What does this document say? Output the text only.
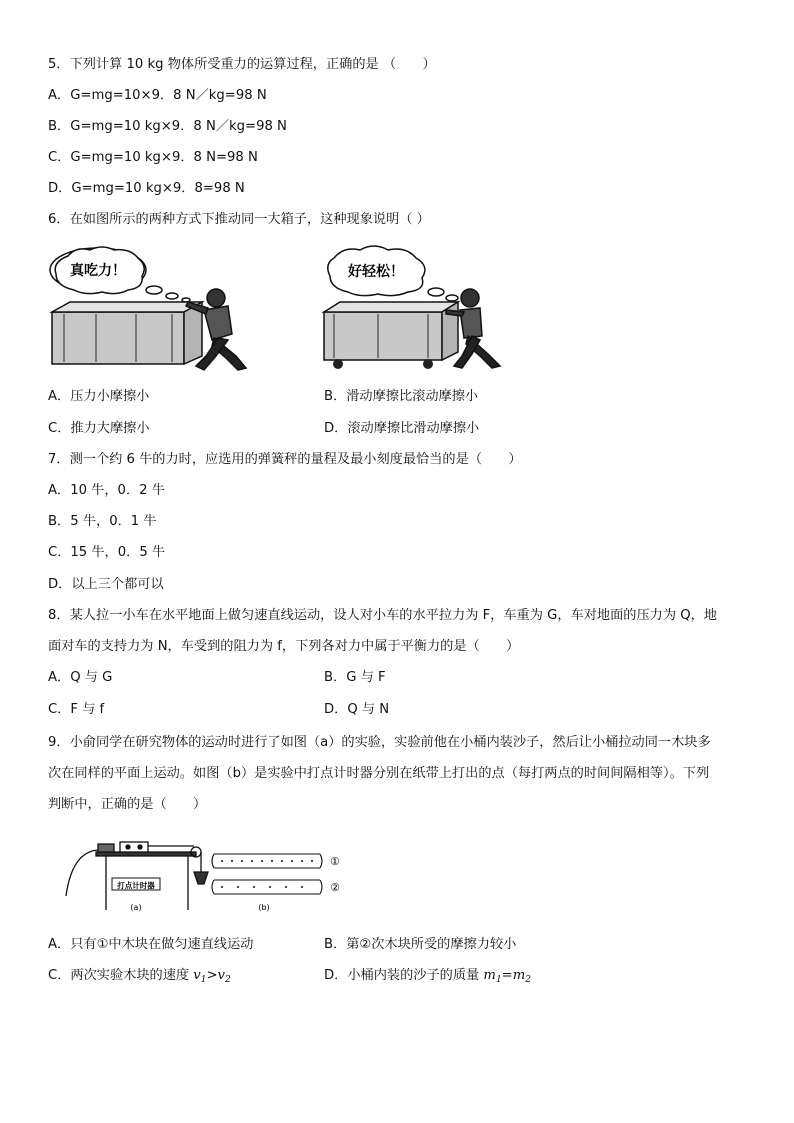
5．下列计算 10 kg 物体所受重力的运算过程，正确的是 （　　）
A．G=mg=10×9．8 N／kg=98 N
B．G=mg=10 kg×9．8 N／kg=98 N
C．G=mg=10 kg×9．8 N=98 N
D．G=mg=10 kg×9．8=98 N
6．在如图所示的两种方式下推动同一大箱子，这种现象说明（ ）
真吃力！	好轻松！
A．压力小摩擦小	B．滑动摩擦比滚动摩擦小
C．推力大摩擦小	D．滚动摩擦比滑动摩擦小
7．测一个约 6 牛的力时，应选用的弹簧秤的量程及最小刻度最恰当的是（　　）
A．10 牛，0．2 牛
B．5 牛，0．1 牛
C．15 牛，0．5 牛
D．以上三个都可以
8．某人拉一小车在水平地面上做匀速直线运动，设人对小车的水平拉力为 F，车重为 G，车对地面的压力为 Q，地
面对车的支持力为 N，车受到的阻力为 f，下列各对力中属于平衡力的是（　　）
A．Q 与 G	B．G 与 F
C．F 与 f	D．Q 与 N
9．小俞同学在研究物体的运动时进行了如图（a）的实验，实验前他在小桶内装沙子，然后让小桶拉动同一木块多
次在同样的平面上运动。如图（b）是实验中打点计时器分别在纸带上打出的点（每打两点的时间间隔相等）。下列
判断中，正确的是（　　）
打点计时器
(a)
①
②
(b)
A．只有①中木块在做匀速直线运动	B．第②次木块所受的摩擦力较小
C．两次实验木块的速度 $v_1>v_2$	D．小桶内装的沙子的质量 $m_1=m_2$
